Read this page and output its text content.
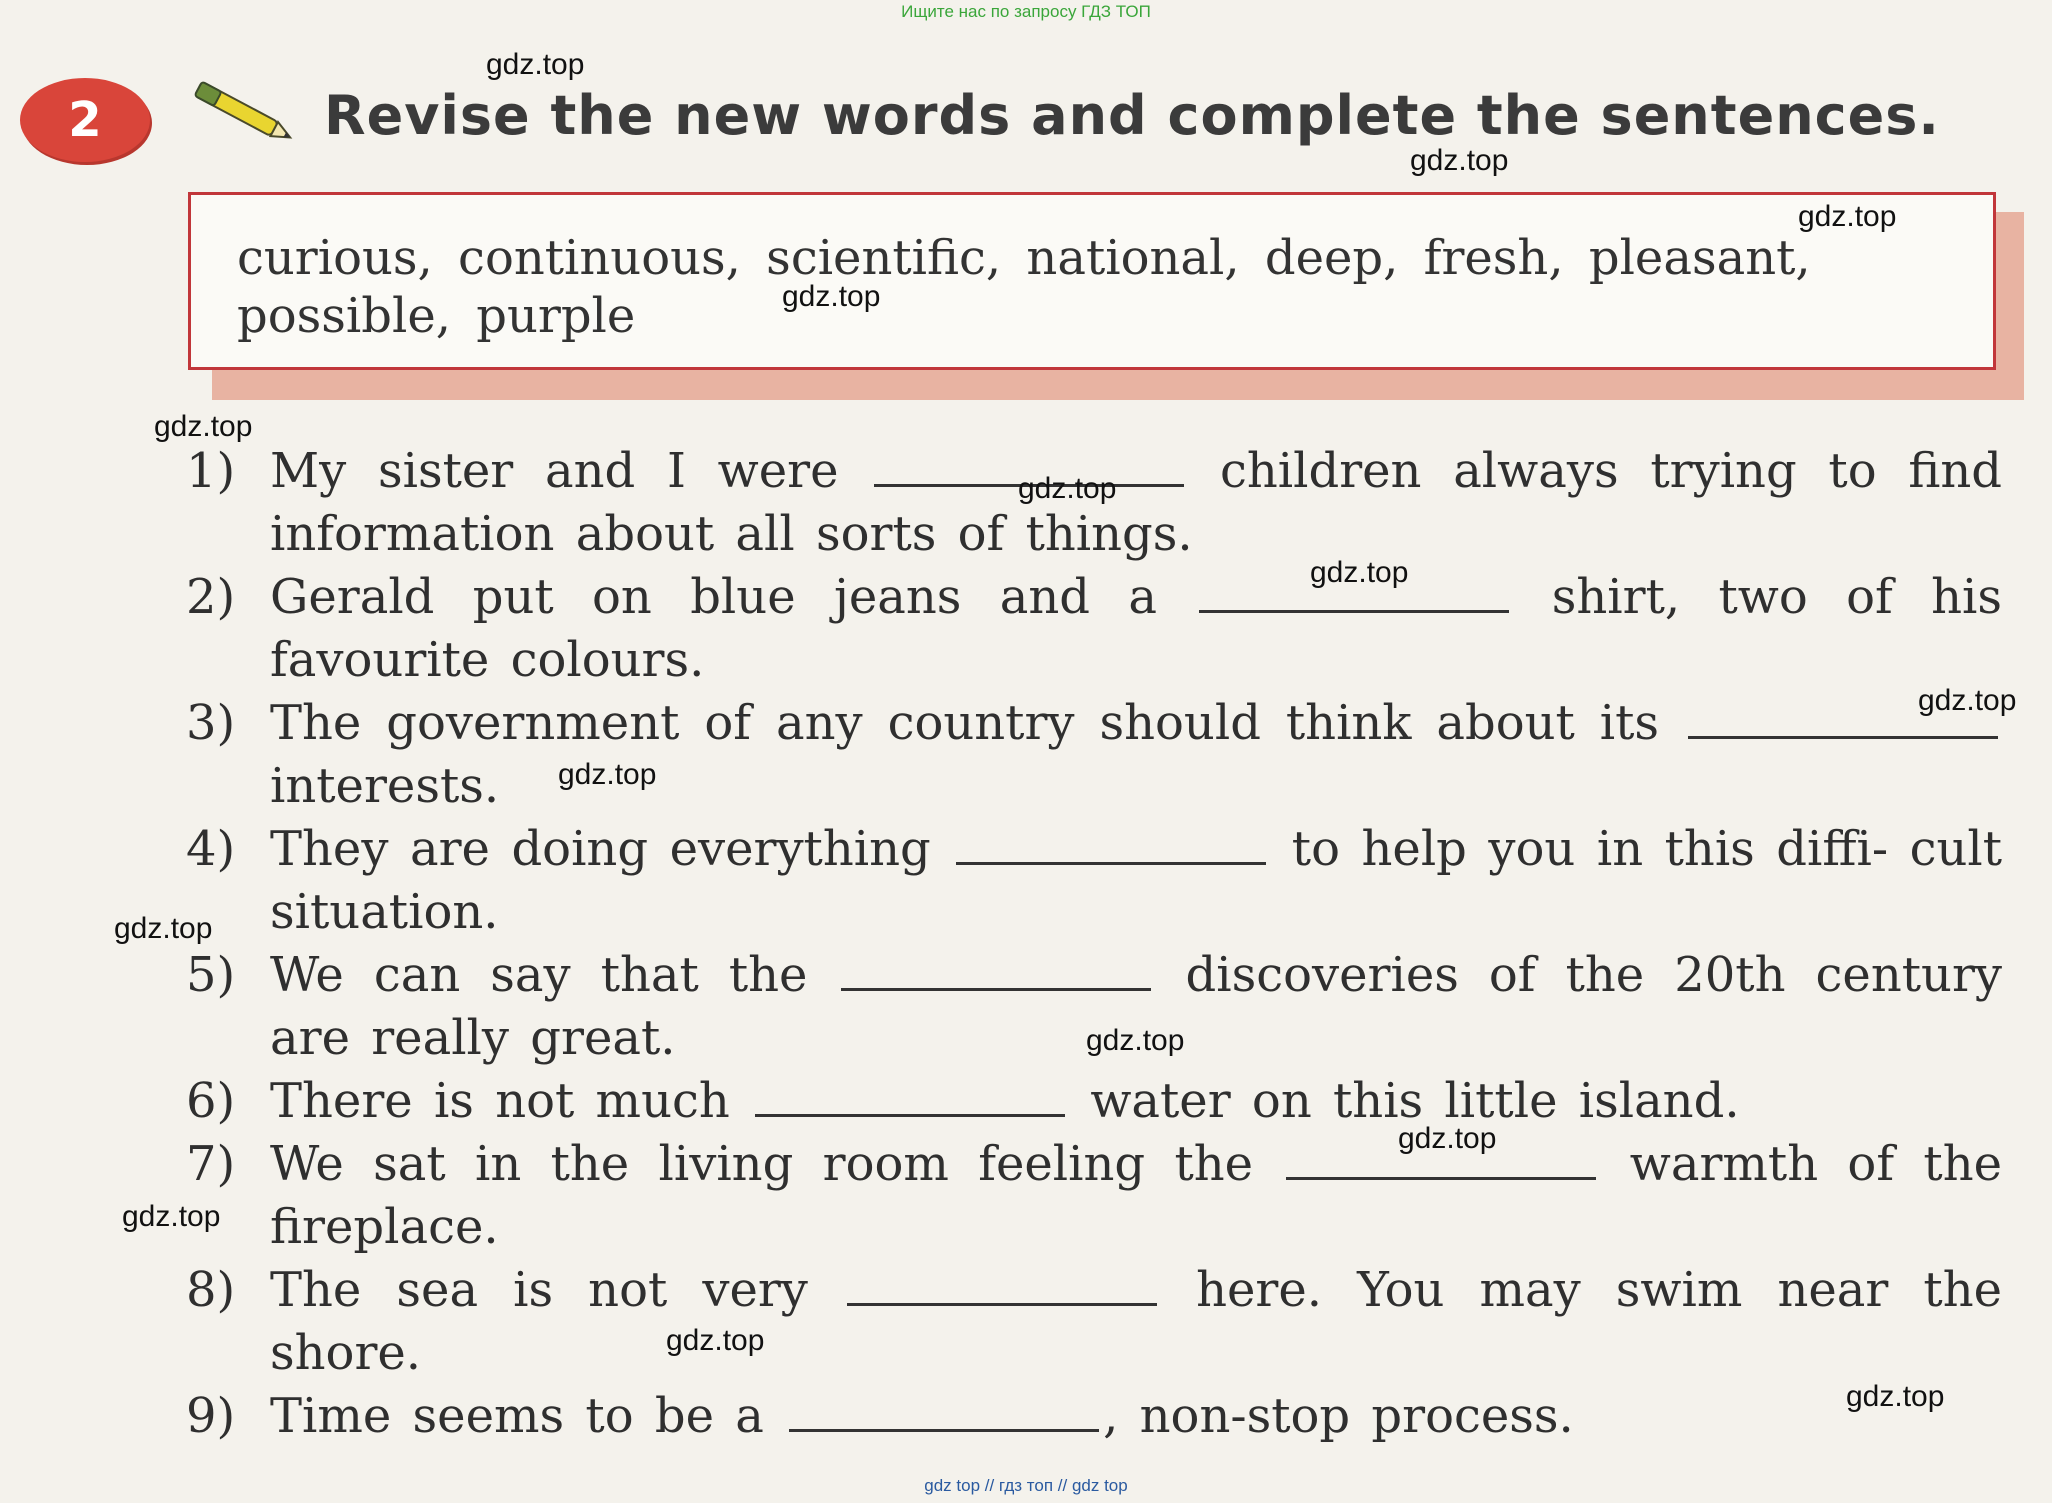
Ищите нас по запросу ГДЗ ТОП
2	Revise the new words and complete the sentences.
curious, continuous, scientific, national, deep, fresh, pleasant, possible, purple
1) My sister and I were	children always trying to find information about all sorts of things.
2) Gerald put on blue jeans and a	shirt, two of his favourite colours.
3) The government of any country should think about its  interests.
4) They are doing everything	to help you in this diffi- cult situation.
5) We can say that the	discoveries of the 20th century are really great.
6) There is not much	water on this little island.
7) We sat in the living room feeling the	warmth of the fireplace.
8) The sea is not very	here. You may swim near the shore.
9) Time seems to be a	, non-stop process.
gdz.top
gdz.top
gdz.top
gdz.top
gdz.top
gdz.top
gdz.top
gdz.top
gdz.top
gdz.top
gdz.top
gdz.top
gdz.top
gdz.top
gdz.top
gdz top // гдз топ // gdz top
